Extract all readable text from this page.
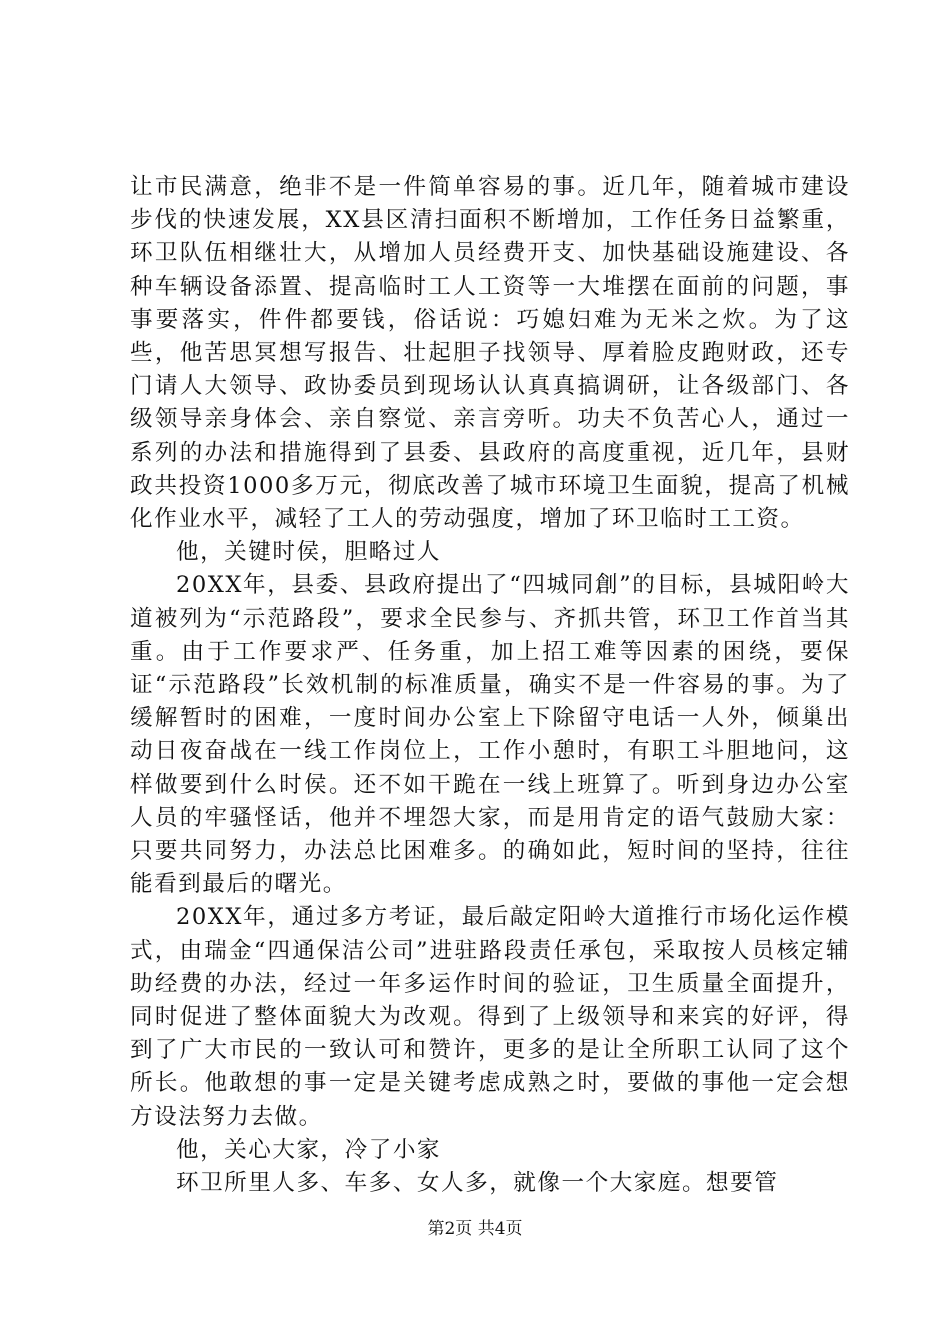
让市民满意，绝非不是一件简单容易的事。近几年，随着城市建设步伐的快速发展，XX县区清扫面积不断增加，工作任务日益繁重，环卫队伍相继壮大，从增加人员经费开支、加快基础设施建设、各种车辆设备添置、提高临时工人工资等一大堆摆在面前的问题，事事要落实，件件都要钱，俗话说：巧媳妇难为无米之炊。为了这些，他苦思冥想写报告、壮起胆子找领导、厚着脸皮跑财政，还专门请人大领导、政协委员到现场认认真真搞调研，让各级部门、各级领导亲身体会、亲自察觉、亲言旁听。功夫不负苦心人，通过一系列的办法和措施得到了县委、县政府的高度重视，近几年，县财政共投资1000多万元，彻底改善了城市环境卫生面貌，提高了机械化作业水平，减轻了工人的劳动强度，增加了环卫临时工工资。

他，关键时侯，胆略过人

20XX年，县委、县政府提出了“四城同創”的目标，县城阳岭大道被列为“示范路段”，要求全民参与、齐抓共管，环卫工作首当其重。由于工作要求严、任务重，加上招工难等因素的困绕，要保证“示范路段”长效机制的标准质量，确实不是一件容易的事。为了缓解暂时的困难，一度时间办公室上下除留守电话一人外，倾巢出动日夜奋战在一线工作岗位上，工作小憩时，有职工斗胆地问，这样做要到什么时侯。还不如干跪在一线上班算了。听到身边办公室人员的牢骚怪话，他并不埋怨大家，而是用肯定的语气鼓励大家：只要共同努力，办法总比困难多。的确如此，短时间的坚持，往往能看到最后的曙光。

20XX年，通过多方考证，最后敲定阳岭大道推行市场化运作模式，由瑞金“四通保洁公司”进驻路段责任承包，采取按人员核定辅助经费的办法，经过一年多运作时间的验证，卫生质量全面提升，同时促进了整体面貌大为改观。得到了上级领导和来宾的好评，得到了广大市民的一致认可和赞许，更多的是让全所职工认同了这个所长。他敢想的事一定是关键考虑成熟之时，要做的事他一定会想方设法努力去做。

他，关心大家，冷了小家

环卫所里人多、车多、女人多，就像一个大家庭。想要管

第2页 共4页
